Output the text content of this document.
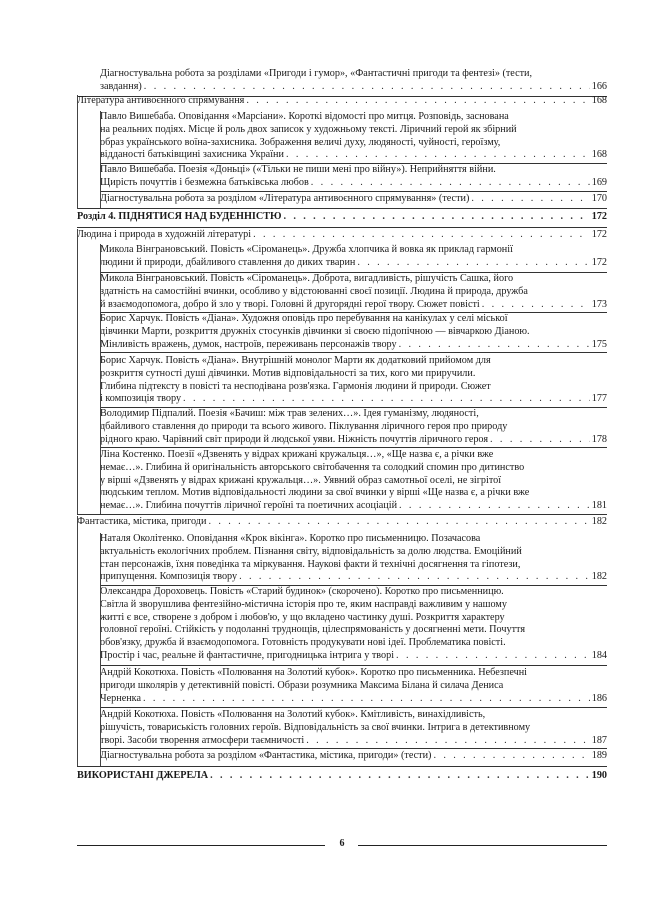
Діагностувальна робота за розділами «Пригоди і гумор», «Фантастичні пригоди та фентезі» (тести,
завдання) . . .	166
Література антивоєнного спрямування . . .	168
Павло Вишебаба. Оповідання «Марсіани». Короткі відомості про митця. Розповідь, заснована
на реальних подіях. Місце й роль двох записок у художньому тексті. Ліричний герой як збірний
образ українського воїна-захисника. Зображення величі духу, людяності, чуйності, героїзму,
відданості батьківщині захисника України . . .	168
Павло Вишебаба. Поезія «Доньці» («Тільки не пиши мені про війну»). Неприйняття війни.
Щирість почуттів і безмежна батьківська любов . . .	169
Діагностувальна робота за розділом «Література антивоєнного спрямування» (тести) . . .	170
Розділ 4. ПІДНЯТИСЯ НАД БУДЕННІСТЮ . . .	172
Людина і природа в художній літературі . . .	172
Микола Вінграновський. Повість «Сіроманець». Дружба хлопчика й вовка як приклад гармонії
людини й природи, дбайливого ставлення до диких тварин . . .	172
Микола Вінграновський. Повість «Сіроманець». Доброта, вигадливість, рішучість Сашка, його
здатність на самостійні вчинки, особливо у відстоюванні своєї позиції. Людина й природа, дружба
й взаємодопомога, добро й зло у творі. Головні й другорядні герої твору. Сюжет повісті . . .	173
Борис Харчук. Повість «Діана». Художня оповідь про перебування на канікулах у селі міської
дівчинки Марти, розкриття дружніх стосунків дівчинки зі своєю підопічною — вівчаркою Діаною.
Мінливість вражень, думок, настроїв, переживань персонажів твору . . .	175
Борис Харчук. Повість «Діана». Внутрішній монолог Марти як додатковий прийомом для
розкриття сутності душі дівчинки. Мотив відповідальності за тих, кого ми приручили.
Глибина підтексту в повісті та несподівана розв'язка. Гармонія людини й природи. Сюжет
і композиція твору . . .	177
Володимир Підпалий. Поезія «Бачиш: між трав зелених…». Ідея гуманізму, людяності,
дбайливого ставлення до природи та всього живого. Піклування ліричного героя про природу
рідного краю. Чарівний світ природи й людської уяви. Ніжність почуттів ліричного героя . . .	178
Ліна Костенко. Поезії «Дзвенять у відрах крижані кружальця…», «Ще назва є, а річки вже
немає…». Глибина й оригінальність авторського світобачення та солодкий спомин про дитинство
у вірші «Дзвенять у відрах крижані кружальця…». Уявний образ самотньої оселі, не зігрітої
людським теплом. Мотив відповідальності людини за свої вчинки у вірші «Ще назва є, а річки вже
немає…». Глибина почуттів ліричної героїні та поетичних асоціацій . . .	181
Фантастика, містика, пригоди . . .	182
Наталя Околітенко. Оповідання «Крок вікінга». Коротко про письменницю. Позачасова
актуальність екологічних проблем. Пізнання світу, відповідальність за долю людства. Емоційний
стан персонажів, їхня поведінка та міркування. Наукові факти й технічні досягнення та гіпотези,
припущення. Композиція твору . . .	182
Олександра Дороховець. Повість «Старий будинок» (скорочено). Коротко про письменницю.
Світла й зворушлива фентезійно-містична історія про те, яким насправді важливим у нашому
житті є все, створене з добром і любов'ю, у що вкладено частинку душі. Розкриття характеру
головної героїні. Стійкість у подоланні труднощів, цілеспрямованість у досягненні мети. Почуття
обов'язку, дружба й взаємодопомога. Готовність продукувати нові ідеї. Проблематика повісті.
Простір і час, реальне й фантастичне, пригодницька інтрига у творі . . .	184
Андрій Кокотюха. Повість «Полювання на Золотий кубок». Коротко про письменника. Небезпечні
пригоди школярів у детективній повісті. Образи розумника Максима Білана й силача Дениса
Черненка . . .	186
Андрій Кокотюха. Повість «Полювання на Золотий кубок». Кмітливість, винахідливість,
рішучість, товариськість головних героїв. Відповідальність за свої вчинки. Інтрига в детективному
творі. Засоби творення атмосфери таємничості . . .	187
Діагностувальна робота за розділом «Фантастика, містика, пригоди» (тести) . . .	189
ВИКОРИСТАНІ ДЖЕРЕЛА . . .	190
6
